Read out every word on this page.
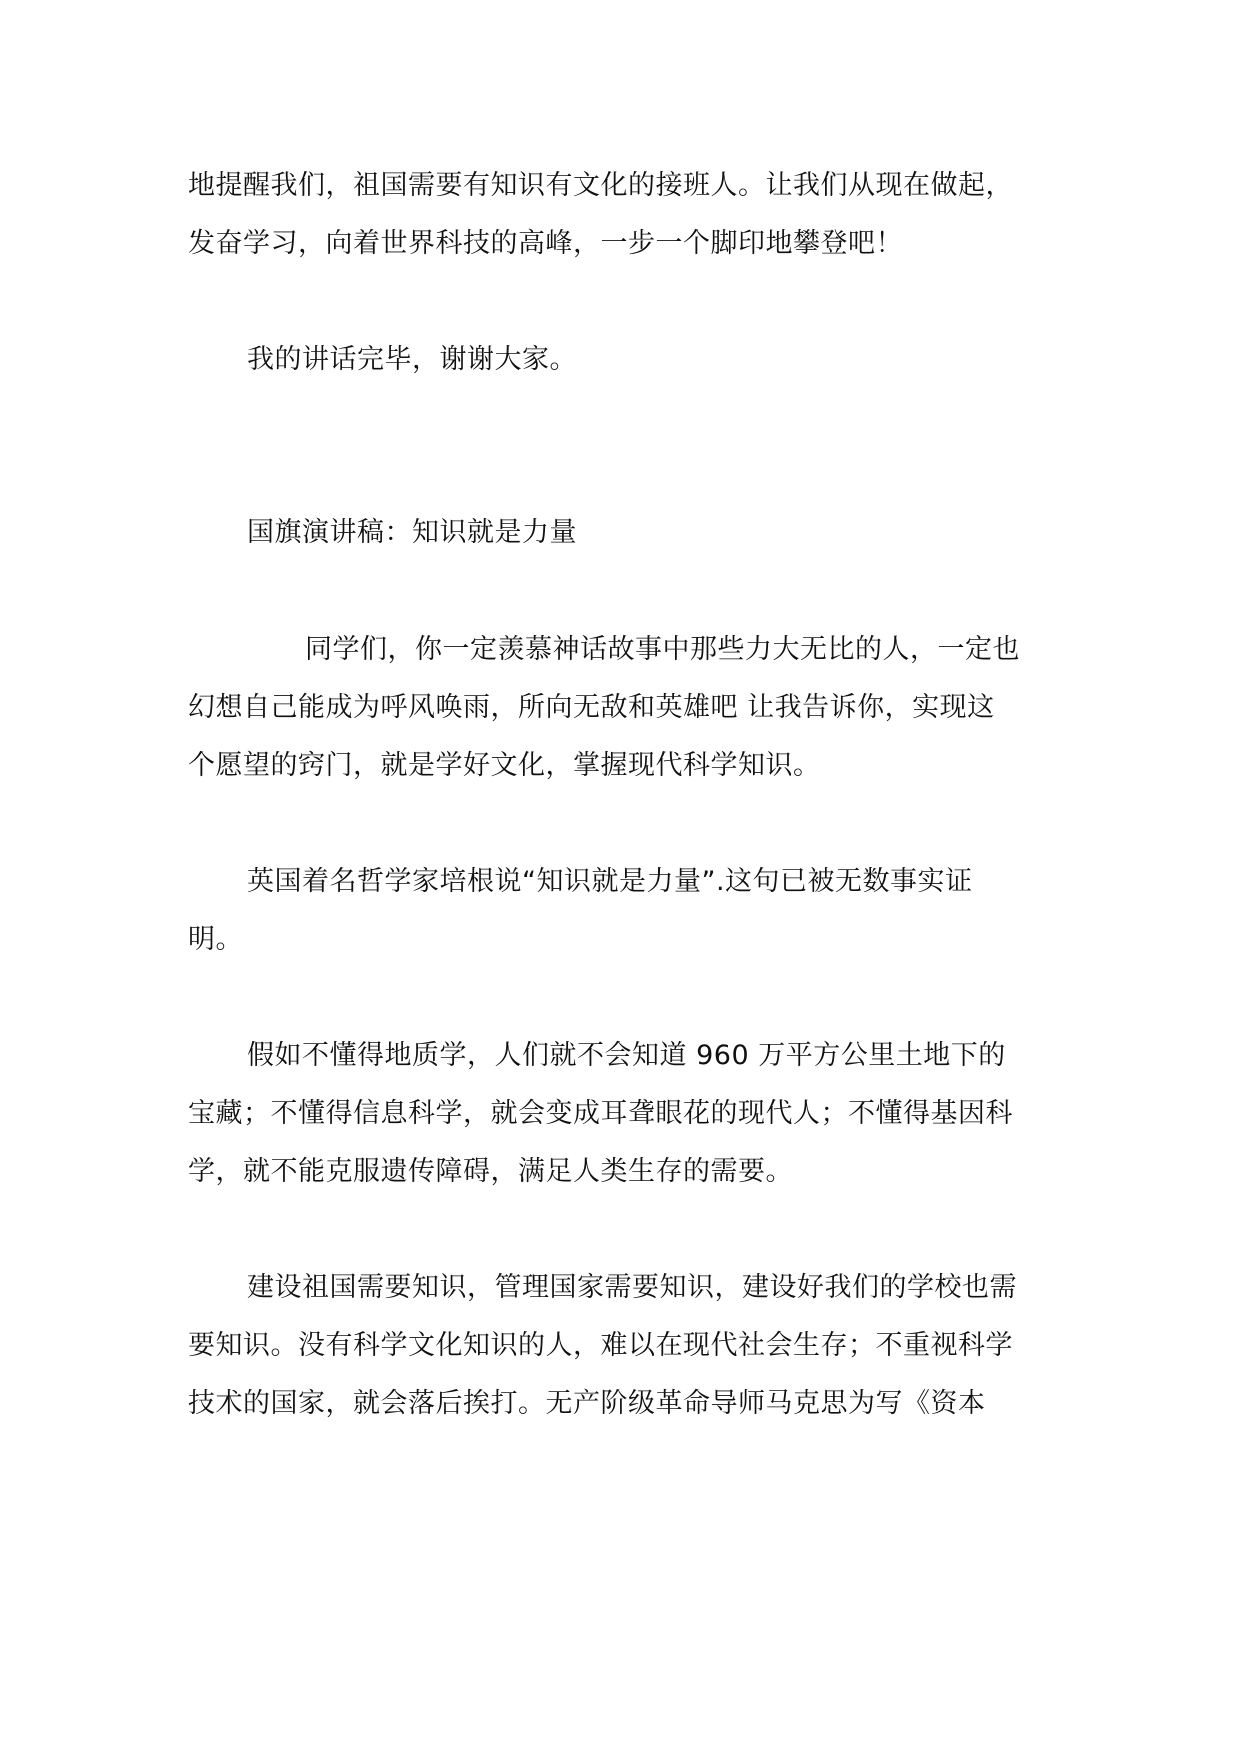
地提醒我们，祖国需要有知识有文化的接班人。让我们从现在做起，
发奋学习，向着世界科技的高峰，一步一个脚印地攀登吧！
我的讲话完毕，谢谢大家。
国旗演讲稿：知识就是力量
同学们，你一定羡慕神话故事中那些力大无比的人，一定也
幻想自己能成为呼风唤雨，所向无敌和英雄吧 让我告诉你，实现这
个愿望的窍门，就是学好文化，掌握现代科学知识。
英国着名哲学家培根说“知识就是力量”.这句已被无数事实证
明。
假如不懂得地质学，人们就不会知道 960 万平方公里土地下的
宝藏；不懂得信息科学，就会变成耳聋眼花的现代人；不懂得基因科
学，就不能克服遗传障碍，满足人类生存的需要。
建设祖国需要知识，管理国家需要知识，建设好我们的学校也需
要知识。没有科学文化知识的人，难以在现代社会生存；不重视科学
技术的国家，就会落后挨打。无产阶级革命导师马克思为写《资本
